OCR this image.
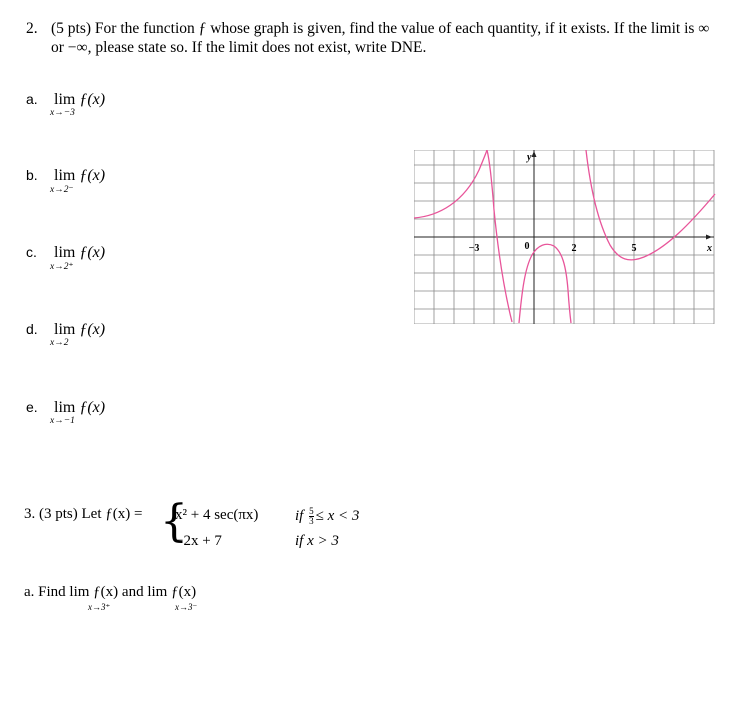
2. (5 pts) For the function ƒ whose graph is given, find the value of each quantity, if it exists. If the limit is ∞ or −∞, please state so. If the limit does not exist, write DNE.
a. lim ƒ(x)
x→−3
b. lim ƒ(x)
x→2⁻
c. lim ƒ(x)
x→2⁺
d. lim ƒ(x)
x→2
e. lim ƒ(x)
x→−1
y
x
−3	0	2	5
3. (3 pts) Let ƒ(x) = {
x² + 4 sec(πx) if $\frac{5}{3} \le x < 3$
−2x + 7	if x > 3
a. Find lim ƒ(x) and lim ƒ(x)
x→3⁺	x→3⁻
